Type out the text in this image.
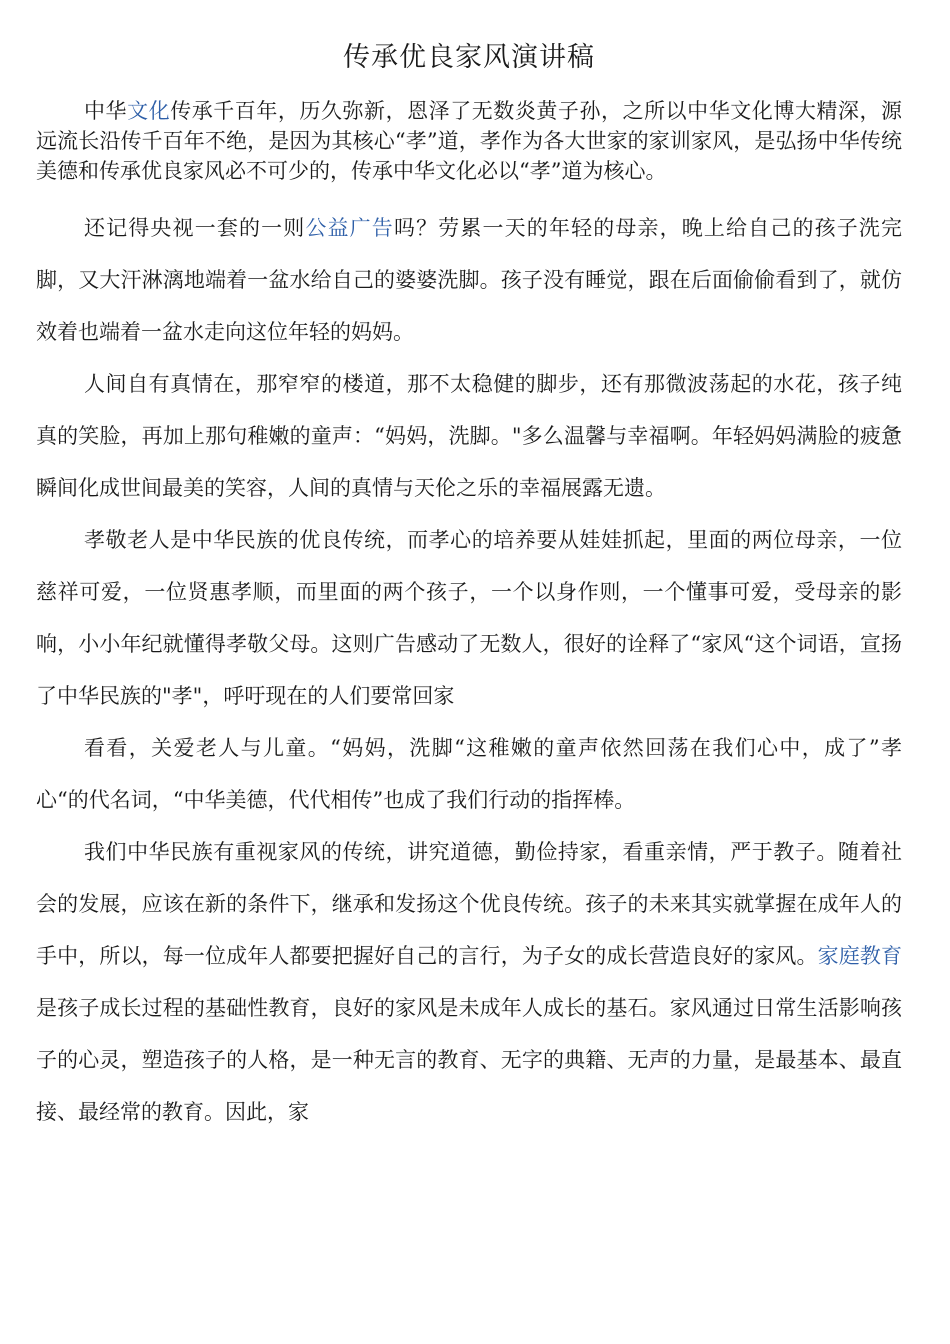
传承优良家风演讲稿

中华文化传承千百年，历久弥新，恩泽了无数炎黄子孙，之所以中华文化博大精深，源远流长沿传千百年不绝，是因为其核心“孝”道，孝作为各大世家的家训家风，是弘扬中华传统美德和传承优良家风必不可少的，传承中华文化必以“孝”道为核心。

还记得央视一套的一则公益广告吗？劳累一天的年轻的母亲，晚上给自己的孩子洗完脚，又大汗淋漓地端着一盆水给自己的婆婆洗脚。孩子没有睡觉，跟在后面偷偷看到了，就仿效着也端着一盆水走向这位年轻的妈妈。

人间自有真情在，那窄窄的楼道，那不太稳健的脚步，还有那微波荡起的水花，孩子纯真的笑脸，再加上那句稚嫩的童声：“妈妈，洗脚。"多么温馨与幸福啊。年轻妈妈满脸的疲惫瞬间化成世间最美的笑容，人间的真情与天伦之乐的幸福展露无遗。

孝敬老人是中华民族的优良传统，而孝心的培养要从娃娃抓起，里面的两位母亲，一位慈祥可爱，一位贤惠孝顺，而里面的两个孩子，一个以身作则，一个懂事可爱，受母亲的影响，小小年纪就懂得孝敬父母。这则广告感动了无数人，很好的诠释了“家风“这个词语，宣扬了中华民族的"孝"，呼吁现在的人们要常回家

看看，关爱老人与儿童。“妈妈，洗脚“这稚嫩的童声依然回荡在我们心中，成了”孝心“的代名词，“中华美德，代代相传”也成了我们行动的指挥棒。

我们中华民族有重视家风的传统，讲究道德，勤俭持家，看重亲情，严于教子。随着社会的发展，应该在新的条件下，继承和发扬这个优良传统。孩子的未来其实就掌握在成年人的手中，所以，每一位成年人都要把握好自己的言行，为子女的成长营造良好的家风。家庭教育是孩子成长过程的基础性教育，良好的家风是未成年人成长的基石。家风通过日常生活影响孩子的心灵，塑造孩子的人格，是一种无言的教育、无字的典籍、无声的力量，是最基本、最直接、最经常的教育。因此，家
